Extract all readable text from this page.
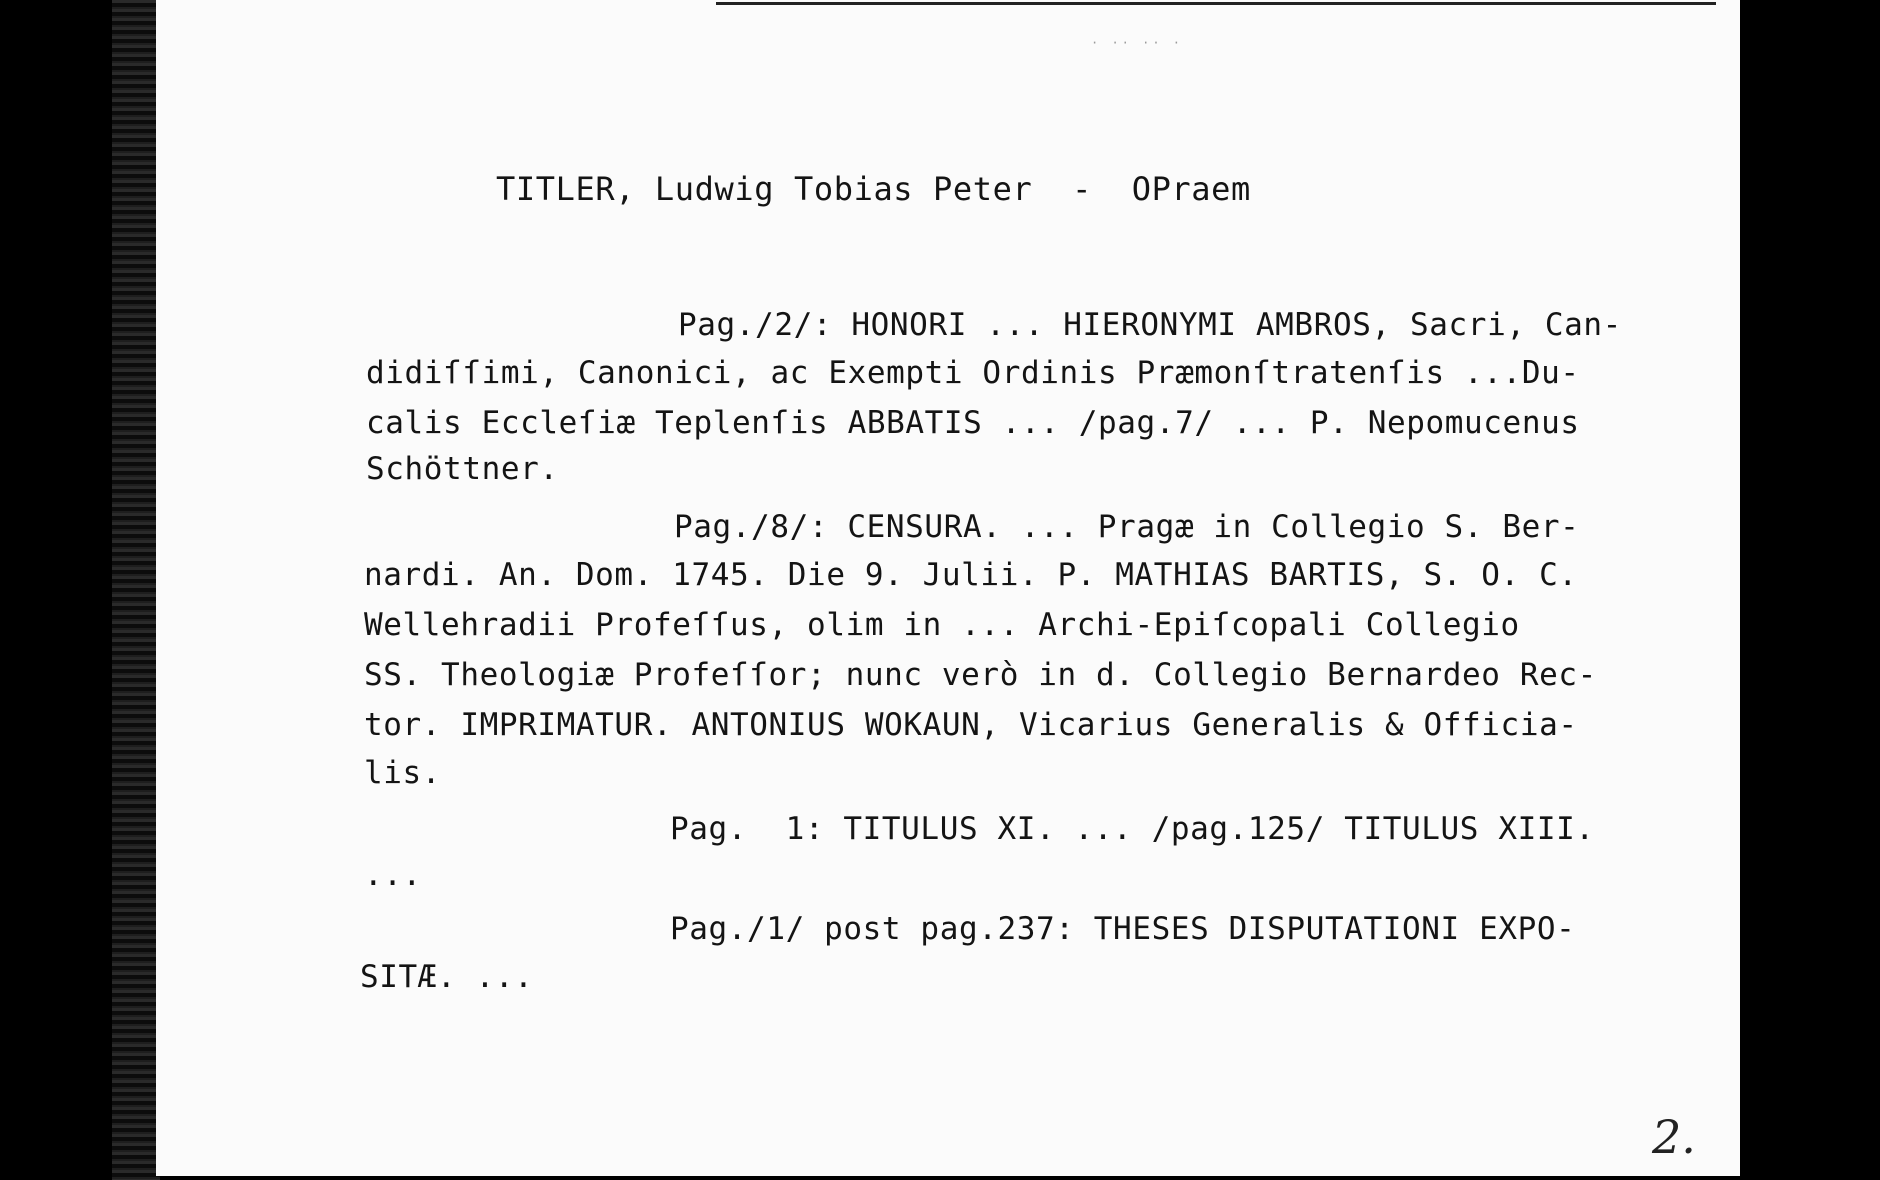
· ·· ·· ·
TITLER, Ludwig Tobias Peter  -  OPraem
Pag./2/: HONORI ... HIERONYMI AMBROS, Sacri, Can-
didiſſimi, Canonici, ac Exempti Ordinis Præmonſtratenſis ...Du-
calis Eccleſiæ Teplenſis ABBATIS ... /pag.7/ ... P. Nepomucenus
Schöttner.
Pag./8/: CENSURA. ... Pragæ in Collegio S. Ber-
nardi. An. Dom. 1745. Die 9. Julii. P. MATHIAS BARTIS, S. O. C.
Wellehradii Profeſſus, olim in ... Archi-Epiſcopali Collegio
SS. Theologiæ Profeſſor; nunc verò in d. Collegio Bernardeo Rec-
tor. IMPRIMATUR. ANTONIUS WOKAUN, Vicarius Generalis & Officia-
lis.
Pag.  1: TITULUS XI. ... /pag.125/ TITULUS XIII.
...
Pag./1/ post pag.237: THESES DISPUTATIONI EXPO-
SITÆ. ...
2.
